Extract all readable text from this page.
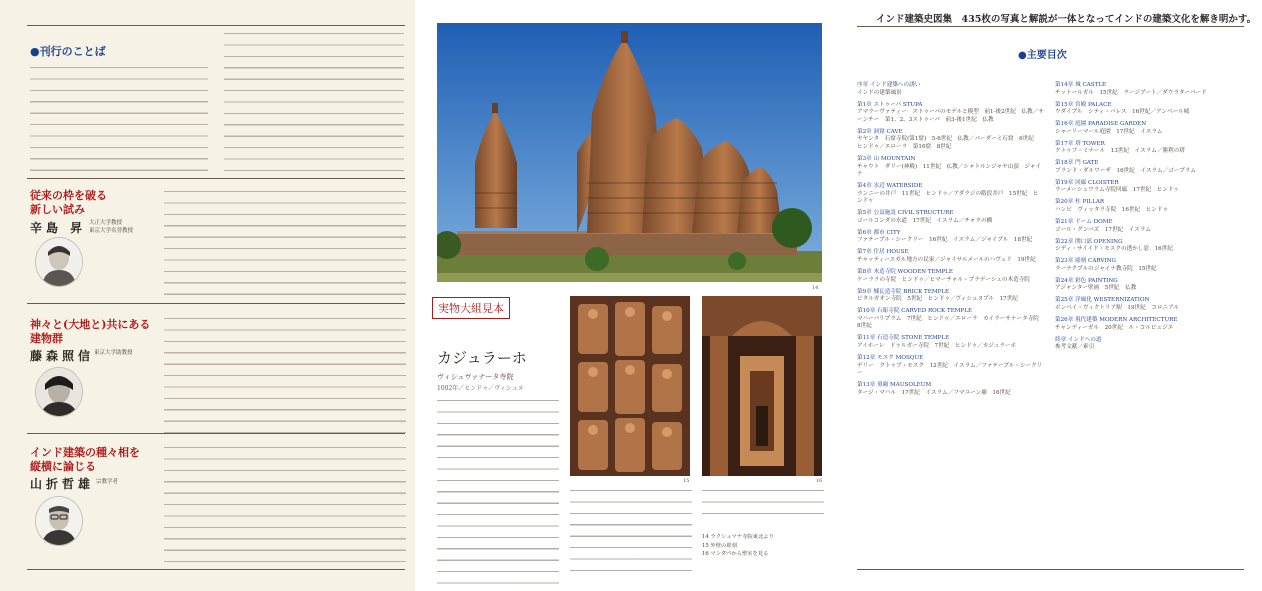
●刊行のことば
従来の枠を破る
新しい試み
辛島 昇 大正大学教授
東京大学名誉教授
神々と(大地と)共にある
建物群
藤森照信 東京大学助教授
インド建築の種々相を
縦横に論じる
山折哲雄 宗教学者
14
実物大組見本
カジュラーホ
ヴィシュヴァナータ寺院
1002年／ヒンドゥ／ヴィシュヌ
15	16
14 ラクシュマナ寺院東北より
15 外壁の彫刻
16 マンダパから聖室を見る
インド建築史図集　435枚の写真と解説が一体となってインドの建築文化を解き明かす。
●主要目次
序章 インド建築への誘い
インドの建築風景
第1章 ストゥーパ STUPA
アマラーヴァティー　ストゥーパのモデルと模型　前1-後2世紀　仏教／サーンチー　第1、2、3ストゥーパ　前3-後1世紀　仏教
第2章 洞窟 CAVE
ヤヤンタ　石窟寺院(第1窟)　5-6世紀　仏教／バーダーミ石窟　6世紀　ヒンドゥ／エローラ　第16窟　8世紀
第3章 山 MOUNTAIN
チャウト　ダリー(神殿)　11世紀　仏教／シャトルンジャヤ山頂　ジャイナ
第4章 水辺 WATERSIDE
ランニーの井戸　11世紀　ヒンドゥ／アダラジの階段井戸　15世紀　ヒンドゥ
第5章 公益施設 CIVIL STRUCTURE
ゴールコンダの水道　17世紀　イスラム／チャラの橋
第6章 都市 CITY
ファテープル・シークリー　16世紀　イスラム／ジャイプル　18世紀
第7章 住居 HOUSE
チャッティースガル地方の民家／ジャイサルメールのハヴェリ　19世紀
第8章 木造寺院 WOODEN TEMPLE
ケーララの寺院　ヒンドゥ／ヒマーチャル・プラデーシュの木造寺院
第9章 煉瓦造寺院 BRICK TEMPLE
ビタルガオン寺院　5世紀　ヒンドゥ／ヴィシュヌプル　17世紀
第10章 石彫寺院 CARVED ROCK TEMPLE
マハーバリプラム　7世紀　ヒンドゥ／エローラ　カイラーサナータ寺院　8世紀
第11章 石造寺院 STONE TEMPLE
アイホーレ　ドゥルガー寺院　7世紀　ヒンドゥ／カジュラーホ
第12章 モスク MOSQUE
デリー　クトゥブ・モスク　12世紀　イスラム／ファテープル・シークリー
第13章 墓廟 MAUSOLEUM
タージ・マハル　17世紀　イスラム／フマユーン廟　16世紀
第14章 城 CASTLE
チットールガル　15世紀　ラージプート／ダウラターバード
第15章 宮殿 PALACE
ウダイプル　シティ・パレス　16世紀／アンベール城
第16章 庭園 PARADISE GARDEN
シャーリーマール庭園　17世紀　イスラム
第17章 塔 TOWER
クトゥブ・ミナール　13世紀　イスラム／勝利の塔
第18章 門 GATE
ブランド・ダルワーザ　16世紀　イスラム／ゴープラム
第19章 回廊 CLOISTER
ラーメーシュワラム寺院回廊　17世紀　ヒンドゥ
第20章 柱 PILLAR
ハンピ　ヴィッタラ寺院　16世紀　ヒンドゥ
第21章 ドーム DOME
ゴール・グンバズ　17世紀　イスラム
第22章 開口部 OPENING
シディ・サイイド・モスクの透かし窓　16世紀
第23章 彫刻 CARVING
ラーナクプルのジャイナ教寺院　15世紀
第24章 彩色 PAINTING
アジャンター壁画　5世紀　仏教
第25章 洋風化 WESTERNIZATION
ボンベイ・ヴィクトリア駅　19世紀　コロニアル
第26章 現代建築 MODERN ARCHITECTURE
チャンディーガル　20世紀　ル・コルビュジエ
終章 インドへの道
参考文献／索引
